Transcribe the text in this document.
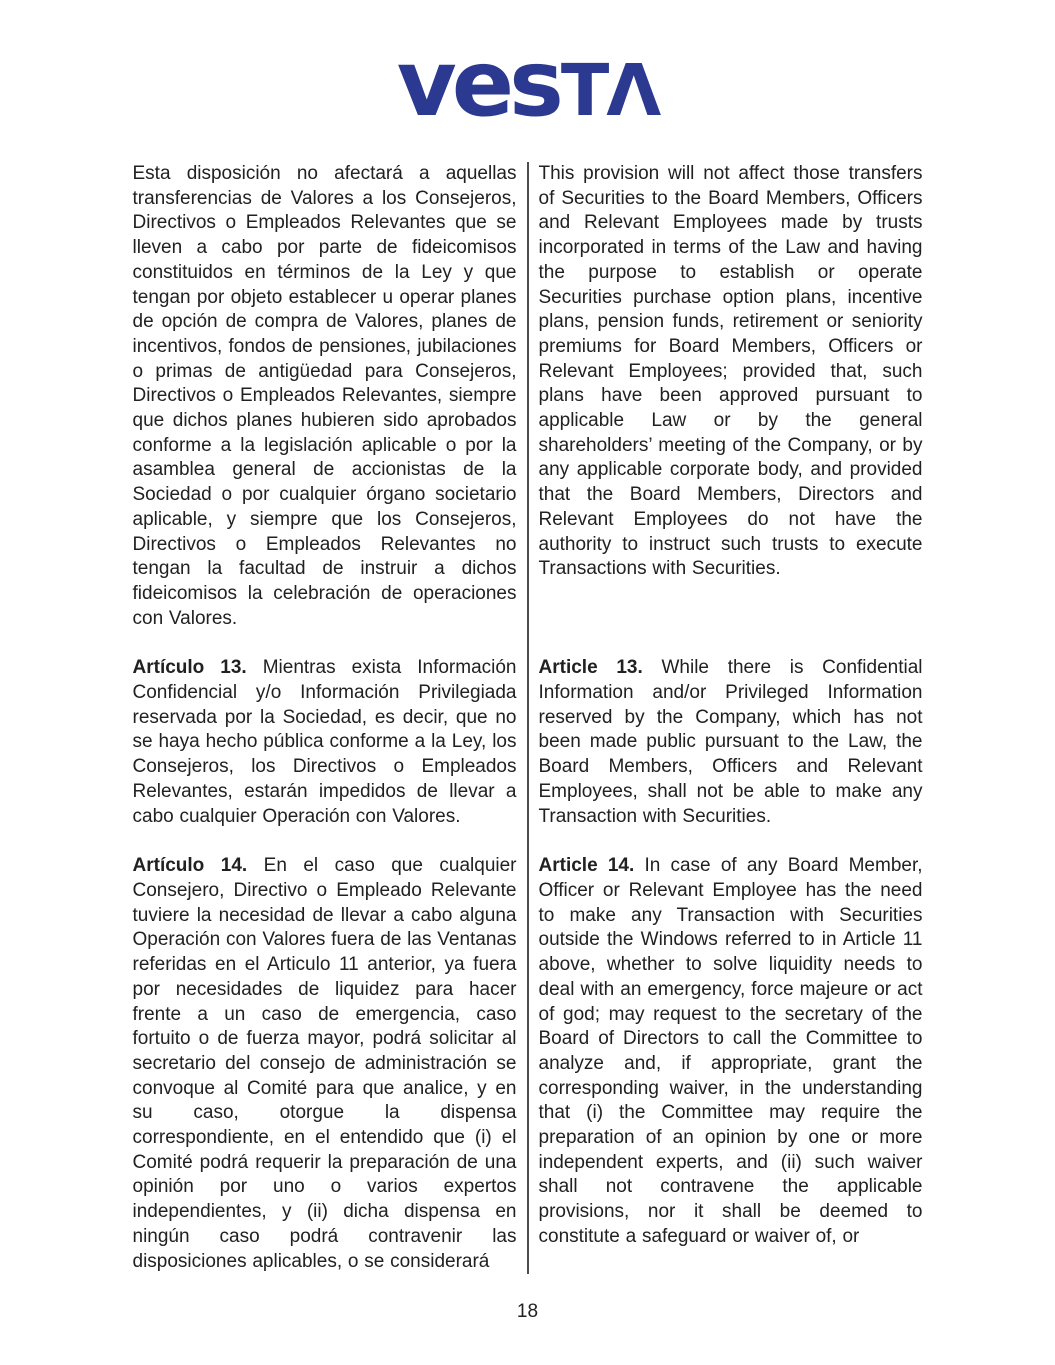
ves TΛ

Esta disposición no afectará a aquellas transferencias de Valores a los Consejeros, Directivos o Empleados Relevantes que se lleven a cabo por parte de fideicomisos constituidos en términos de la Ley y que tengan por objeto establecer u operar planes de opción de compra de Valores, planes de incentivos, fondos de pensiones, jubilaciones o primas de antigüedad para Consejeros, Directivos o Empleados Relevantes, siempre que dichos planes hubieren sido aprobados conforme a la legislación aplicable o por la asamblea general de accionistas de la Sociedad o por cualquier órgano societario aplicable, y siempre que los Consejeros, Directivos o Empleados Relevantes no tengan la facultad de instruir a dichos fideicomisos la celebración de operaciones con Valores.

This provision will not affect those transfers of Securities to the Board Members, Officers and Relevant Employees made by trusts incorporated in terms of the Law and having the purpose to establish or operate Securities purchase option plans, incentive plans, pension funds, retirement or seniority premiums for Board Members, Officers or Relevant Employees; provided that, such plans have been approved pursuant to applicable Law or by the general shareholders’ meeting of the Company, or by any applicable corporate body, and provided that the Board Members, Directors and Relevant Employees do not have the authority to instruct such trusts to execute Transactions with Securities.

Artículo 13. Mientras exista Información Confidencial y/o Información Privilegiada reservada por la Sociedad, es decir, que no se haya hecho pública conforme a la Ley, los Consejeros, los Directivos o Empleados Relevantes, estarán impedidos de llevar a cabo cualquier Operación con Valores.

Article 13. While there is Confidential Information and/or Privileged Information reserved by the Company, which has not been made public pursuant to the Law, the Board Members, Officers and Relevant Employees, shall not be able to make any Transaction with Securities.

Artículo 14. En el caso que cualquier Consejero, Directivo o Empleado Relevante tuviere la necesidad de llevar a cabo alguna Operación con Valores fuera de las Ventanas referidas en el Articulo 11 anterior, ya fuera por necesidades de liquidez para hacer frente a un caso de emergencia, caso fortuito o de fuerza mayor, podrá solicitar al secretario del consejo de administración se convoque al Comité para que analice, y en su caso, otorgue la dispensa correspondiente, en el entendido que (i) el Comité podrá requerir la preparación de una opinión por uno o varios expertos independientes, y (ii) dicha dispensa en ningún caso podrá contravenir las disposiciones aplicables, o se considerará

Article 14. In case of any Board Member, Officer or Relevant Employee has the need to make any Transaction with Securities outside the Windows referred to in Article 11 above, whether to solve liquidity needs to deal with an emergency, force majeure or act of god; may request to the secretary of the Board of Directors to call the Committee to analyze and, if appropriate, grant the corresponding waiver, in the understanding that (i) the Committee may require the preparation of an opinion by one or more independent experts, and (ii) such waiver shall not contravene the applicable provisions, nor it shall be deemed to constitute a safeguard or waiver of, or

18
